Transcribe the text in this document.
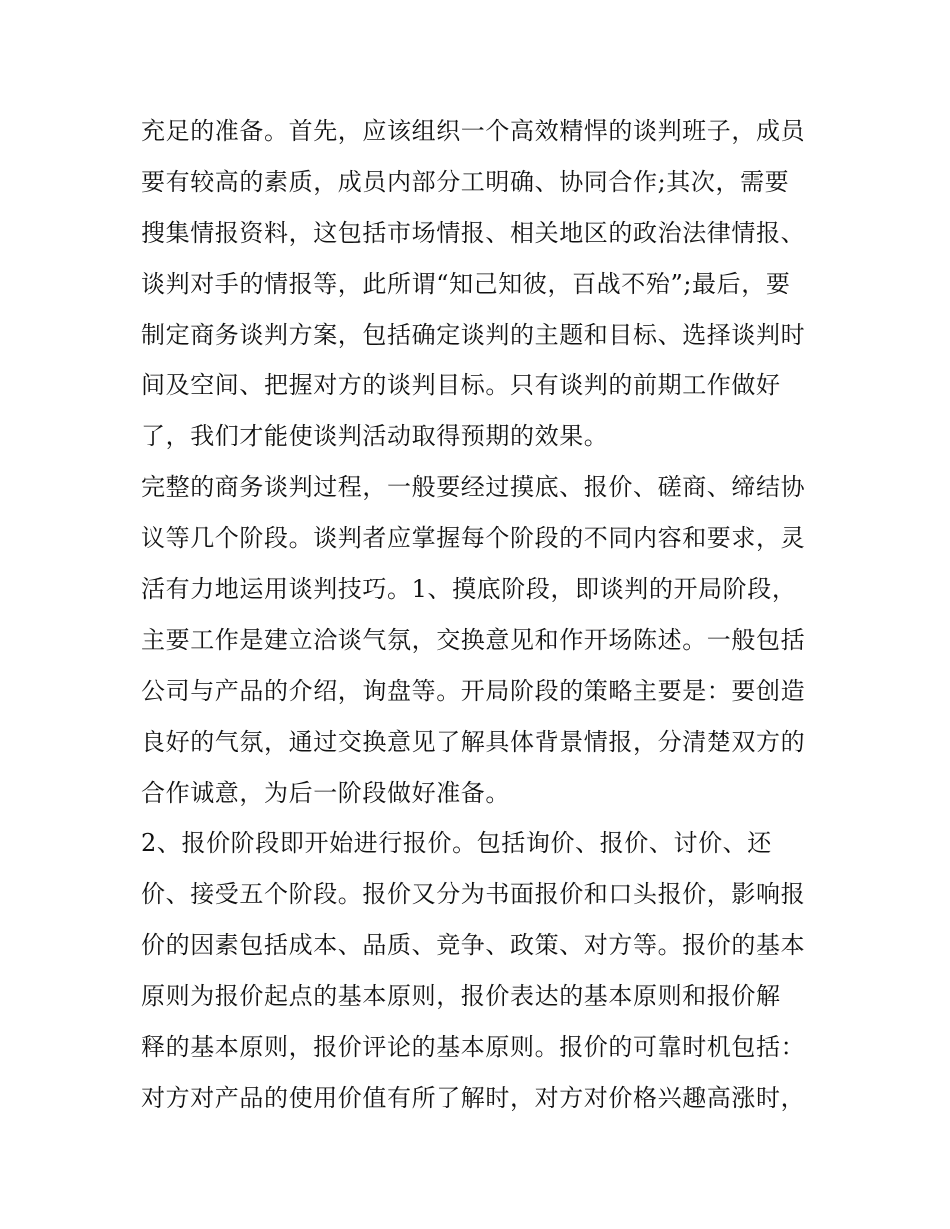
充足的准备。首先，应该组织一个高效精悍的谈判班子，成员
要有较高的素质，成员内部分工明确、协同合作;其次，需要
搜集情报资料，这包括市场情报、相关地区的政治法律情报、
谈判对手的情报等，此所谓“知己知彼，百战不殆”;最后，要
制定商务谈判方案，包括确定谈判的主题和目标、选择谈判时
间及空间、把握对方的谈判目标。只有谈判的前期工作做好
了，我们才能使谈判活动取得预期的效果。
完整的商务谈判过程，一般要经过摸底、报价、磋商、缔结协
议等几个阶段。谈判者应掌握每个阶段的不同内容和要求，灵
活有力地运用谈判技巧。1、摸底阶段，即谈判的开局阶段，
主要工作是建立洽谈气氛，交换意见和作开场陈述。一般包括
公司与产品的介绍，询盘等。开局阶段的策略主要是：要创造
良好的气氛，通过交换意见了解具体背景情报，分清楚双方的
合作诚意，为后一阶段做好准备。
2、报价阶段即开始进行报价。包括询价、报价、讨价、还
价、接受五个阶段。报价又分为书面报价和口头报价，影响报
价的因素包括成本、品质、竞争、政策、对方等。报价的基本
原则为报价起点的基本原则，报价表达的基本原则和报价解
释的基本原则，报价评论的基本原则。报价的可靠时机包括：
对方对产品的使用价值有所了解时，对方对价格兴趣高涨时，
